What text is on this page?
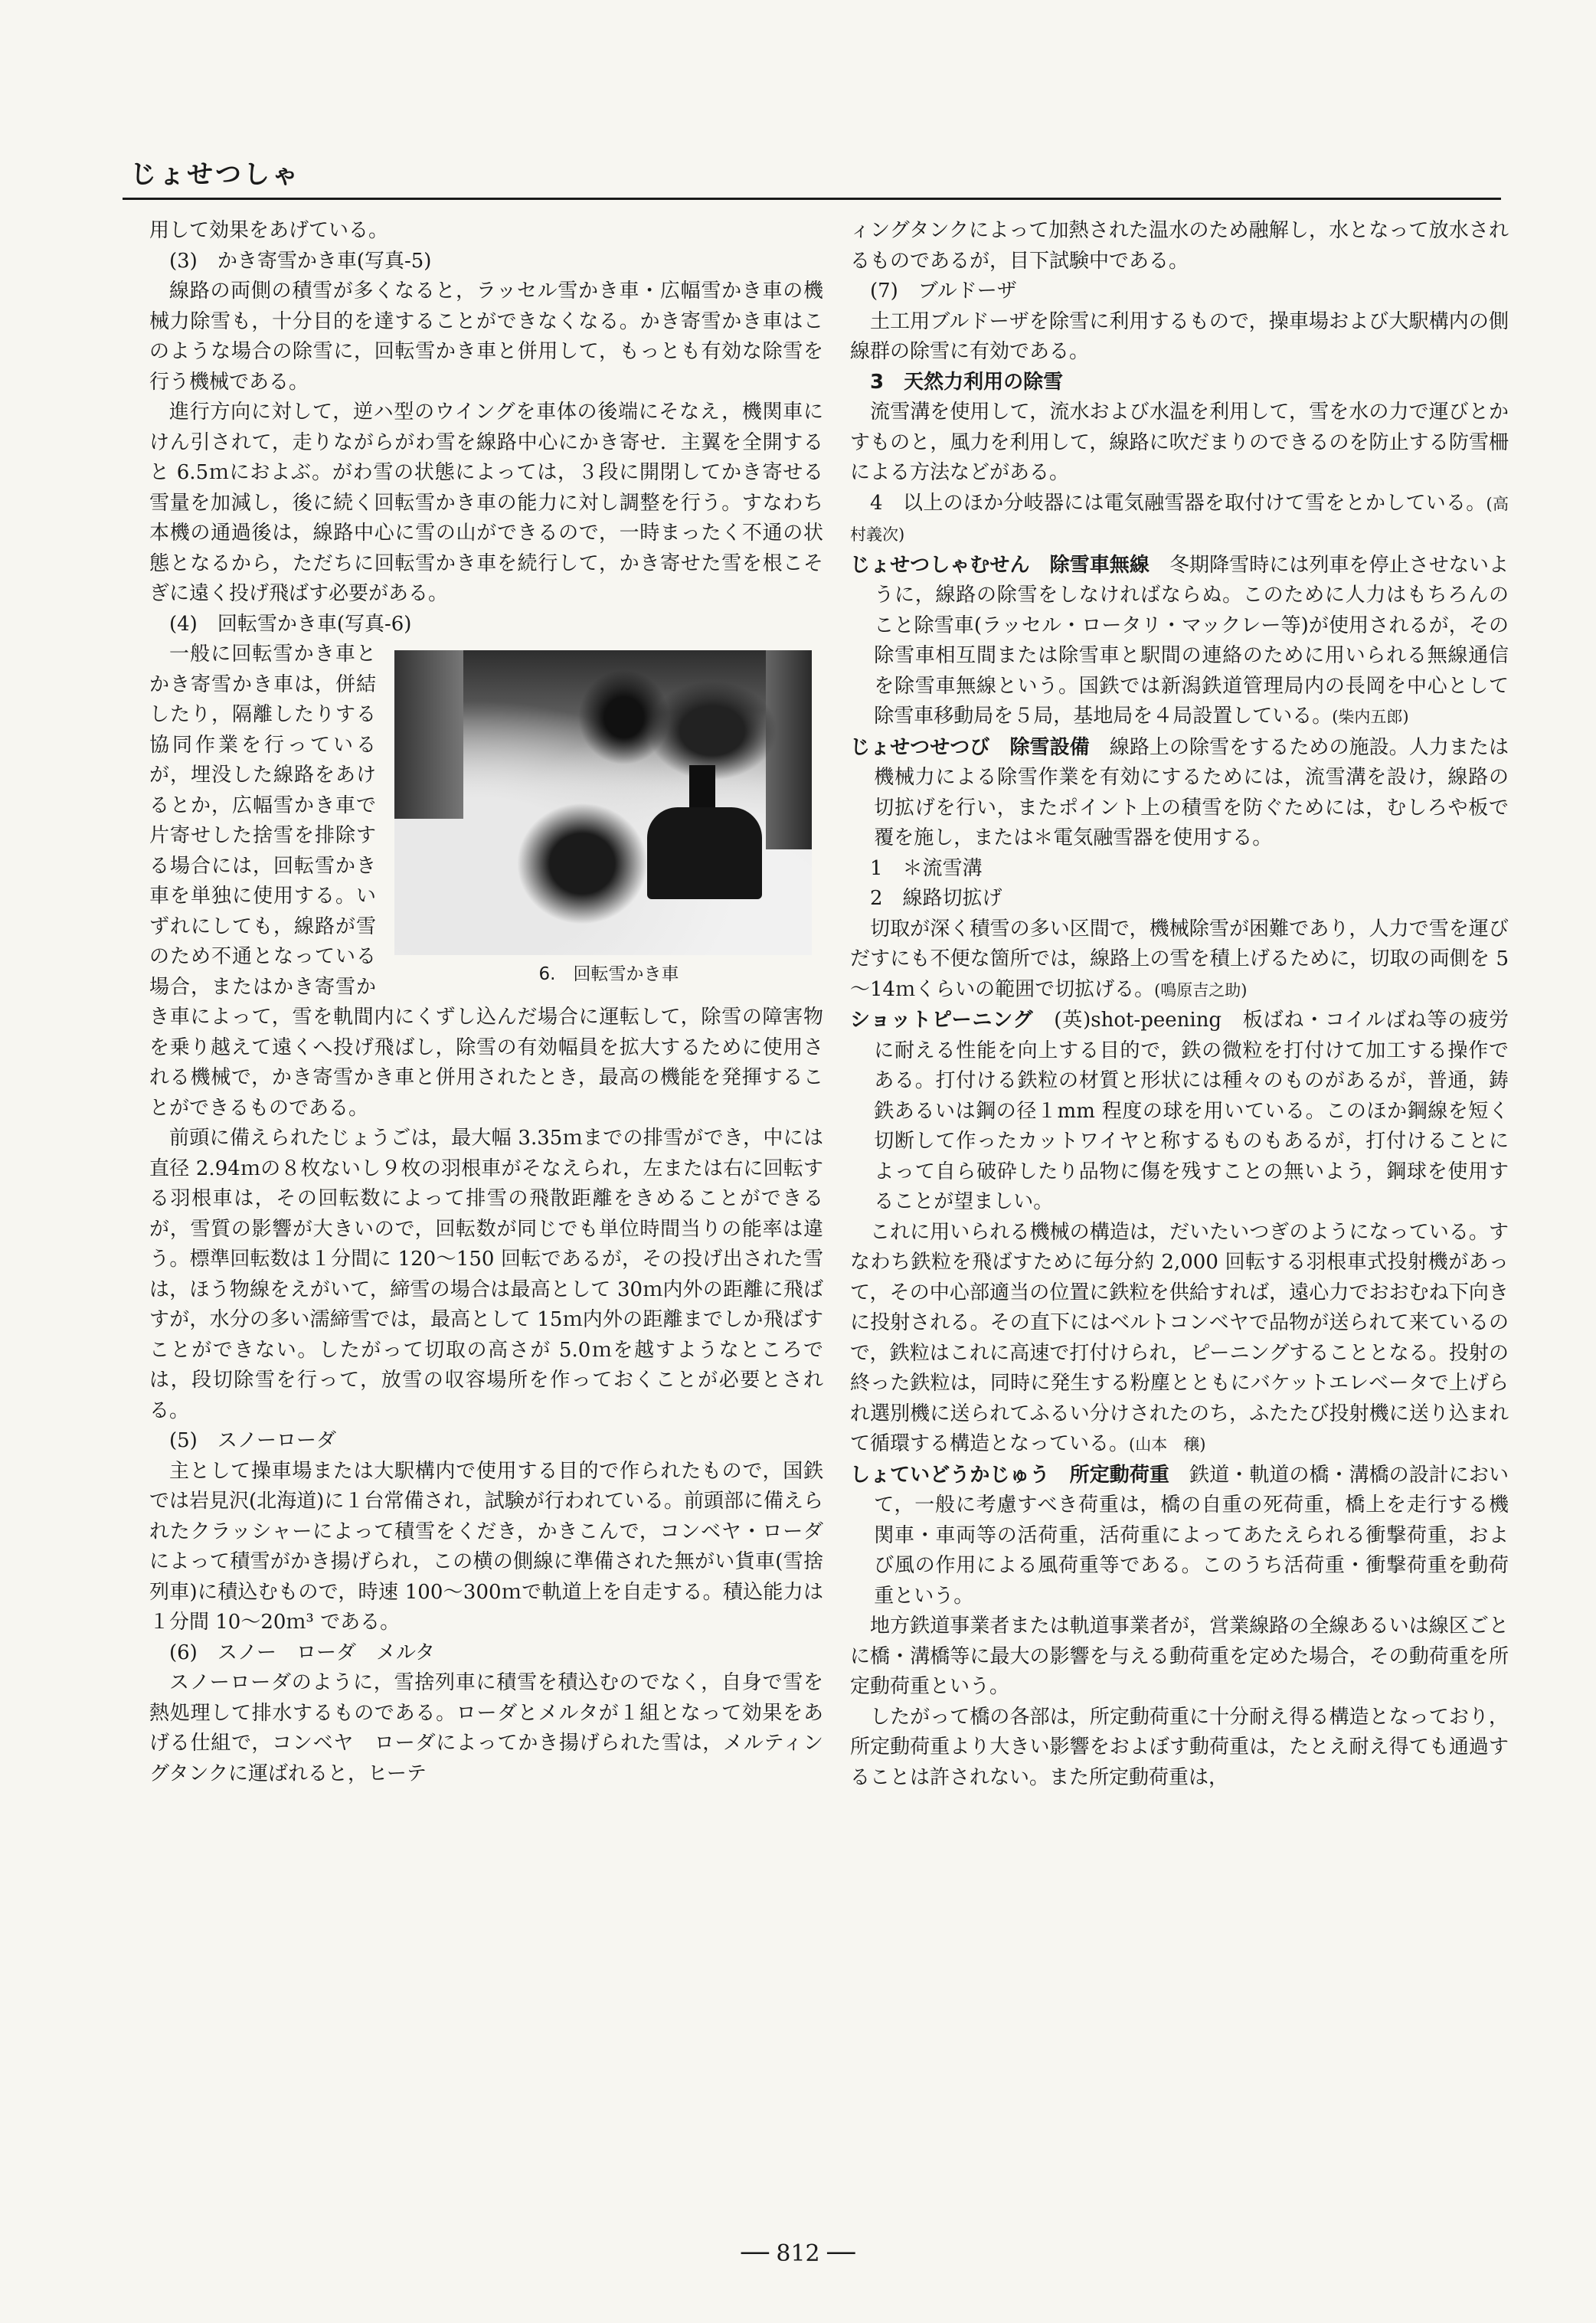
じょせつしゃ

用して効果をあげている。

(3)　かき寄雪かき車(写真-5)

線路の両側の積雪が多くなると，ラッセル雪かき車・広幅雪かき車の機械力除雪も，十分目的を達することができなくなる。かき寄雪かき車はこのような場合の除雪に，回転雪かき車と併用して，もっとも有効な除雪を行う機械である。

進行方向に対して，逆ハ型のウイングを車体の後端にそなえ，機関車にけん引されて，走りながらがわ雪を線路中心にかき寄せ．主翼を全開すると 6.5ｍにおよぶ。がわ雪の状態によっては，３段に開閉してかき寄せる雪量を加減し，後に続く回転雪かき車の能力に対し調整を行う。すなわち本機の通過後は，線路中心に雪の山ができるので，一時まったく不通の状態となるから，ただちに回転雪かき車を続行して，かき寄せた雪を根こそぎに遠く投げ飛ばす必要がある。

(4)　回転雪かき車(写真-6)

6.　回転雪かき車

一般に回転雪かき車とかき寄雪かき車は，併結したり，隔離したりする協同作業を行っているが，埋没した線路をあけるとか，広幅雪かき車で片寄せした捨雪を排除する場合には，回転雪かき車を単独に使用する。いずれにしても，線路が雪のため不通となっている場合，またはかき寄雪かき車によって，雪を軌間内にくずし込んだ場合に運転して，除雪の障害物を乗り越えて遠くへ投げ飛ばし，除雪の有効幅員を拡大するために使用される機械で，かき寄雪かき車と併用されたとき，最高の機能を発揮することができるものである。

前頭に備えられたじょうごは，最大幅 3.35ｍまでの排雪ができ，中には直径 2.94ｍの８枚ないし９枚の羽根車がそなえられ，左または右に回転する羽根車は，その回転数によって排雪の飛散距離をきめることができるが，雪質の影響が大きいので，回転数が同じでも単位時間当りの能率は違う。標準回転数は１分間に 120～150 回転であるが，その投げ出された雪は，ほう物線をえがいて，締雪の場合は最高として 30ｍ内外の距離に飛ばすが，水分の多い濡締雪では，最高として 15ｍ内外の距離までしか飛ばすことができない。したがって切取の高さが 5.0ｍを越すようなところでは，段切除雪を行って，放雪の収容場所を作っておくことが必要とされる。

(5)　スノーローダ

主として操車場または大駅構内で使用する目的で作られたもので，国鉄では岩見沢(北海道)に１台常備され，試験が行われている。前頭部に備えられたクラッシャーによって積雪をくだき，かきこんで，コンベヤ・ローダによって積雪がかき揚げられ，この横の側線に準備された無がい貨車(雪捨列車)に積込むもので，時速 100～300ｍで軌道上を自走する。積込能力は１分間 10～20ｍ³ である。

(6)　スノー　ローダ　メルタ

スノーローダのように，雪捨列車に積雪を積込むのでなく，自身で雪を熱処理して排水するものである。ローダとメルタが１組となって効果をあげる仕組で，コンベヤ　ローダによってかき揚げられた雪は，メルティングタンクに運ばれると，ヒーテ

ィングタンクによって加熱された温水のため融解し，水となって放水されるものであるが，目下試験中である。

(7)　ブルドーザ

土工用ブルドーザを除雪に利用するもので，操車場および大駅構内の側線群の除雪に有効である。

3　天然力利用の除雪

流雪溝を使用して，流水および水温を利用して，雪を水の力で運びとかすものと，風力を利用して，線路に吹だまりのできるのを防止する防雪柵による方法などがある。

4　以上のほか分岐器には電気融雪器を取付けて雪をとかしている。(高村義次)

じょせつしゃむせん　 除雪車無線　 冬期降雪時には列車を停止させないように，線路の除雪をしなければならぬ。このために人力はもちろんのこと除雪車(ラッセル・ロータリ・マックレー等)が使用されるが，その除雪車相互間または除雪車と駅間の連絡のために用いられる無線通信を除雪車無線という。国鉄では新潟鉄道管理局内の長岡を中心として除雪車移動局を５局，基地局を４局設置している。(柴内五郎)

じょせつせつび　 除雪設備　 線路上の除雪をするための施設。人力または機械力による除雪作業を有効にするためには，流雪溝を設け，線路の切拡げを行い，またポイント上の積雪を防ぐためには，むしろや板で覆を施し，または＊電気融雪器を使用する。

1　＊流雪溝

2　線路切拡げ

切取が深く積雪の多い区間で，機械除雪が困難であり，人力で雪を運びだすにも不便な箇所では，線路上の雪を積上げるために，切取の両側を 5～14ｍくらいの範囲で切拡げる。(鳴原吉之助)

ショットピーニング　 (英)shot-peening　 板ばね・コイルばね等の疲労に耐える性能を向上する目的で，鉄の微粒を打付けて加工する操作である。打付ける鉄粒の材質と形状には種々のものがあるが，普通，鋳鉄あるいは鋼の径１mm 程度の球を用いている。このほか鋼線を短く切断して作ったカットワイヤと称するものもあるが，打付けることによって自ら破砕したり品物に傷を残すことの無いよう，鋼球を使用することが望ましい。

これに用いられる機械の構造は，だいたいつぎのようになっている。すなわち鉄粒を飛ばすために毎分約 2,000 回転する羽根車式投射機があって，その中心部適当の位置に鉄粒を供給すれば，遠心力でおおむね下向きに投射される。その直下にはベルトコンベヤで品物が送られて来ているので，鉄粒はこれに高速で打付けられ，ピーニングすることとなる。投射の終った鉄粒は，同時に発生する粉塵とともにバケットエレベータで上げられ選別機に送られてふるい分けされたのち，ふたたび投射機に送り込まれて循環する構造となっている。(山本　穣)

しょていどうかじゅう　 所定動荷重　 鉄道・軌道の橋・溝橋の設計において，一般に考慮すべき荷重は，橋の自重の死荷重，橋上を走行する機関車・車両等の活荷重，活荷重によってあたえられる衝撃荷重，および風の作用による風荷重等である。このうち活荷重・衝撃荷重を動荷重という。

地方鉄道事業者または軌道事業者が，営業線路の全線あるいは線区ごとに橋・溝橋等に最大の影響を与える動荷重を定めた場合，その動荷重を所定動荷重という。

したがって橋の各部は，所定動荷重に十分耐え得る構造となっており，所定動荷重より大きい影響をおよぼす動荷重は，たとえ耐え得ても通過することは許されない。また所定動荷重は，

── 812 ──
